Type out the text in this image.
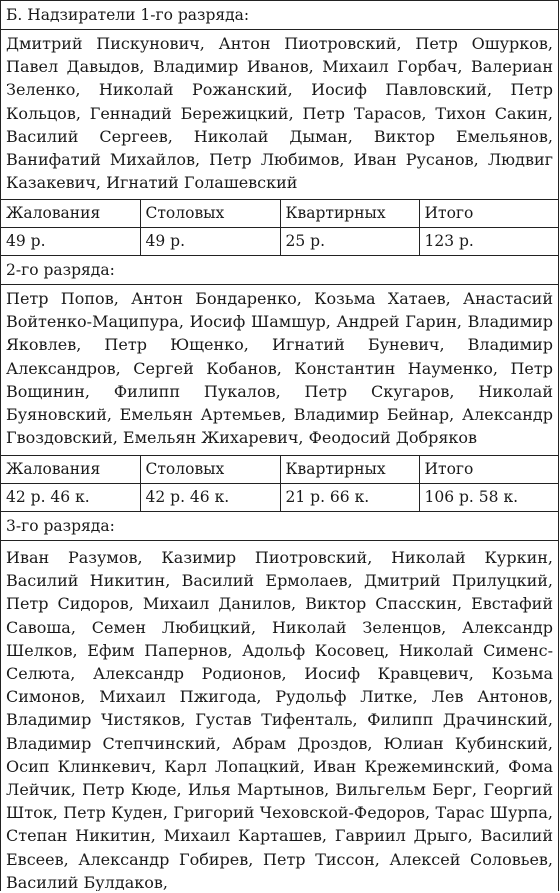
Б. Надзиратели 1-го разряда:
Дмитрий Пискунович, Антон Пиотровский, Петр Ошурков, Павел Давыдов, Владимир Иванов, Михаил Горбач, Валериан Зеленко, Николай Рожанский, Иосиф Павловский, Петр Кольцов, Геннадий Бережицкий, Петр Тарасов, Тихон Сакин, Василий Сергеев, Николай Дыман, Виктор Емельянов, Ванифатий Михайлов, Петр Любимов, Иван Русанов, Людвиг Казакевич, Игнатий Голашевский
Жалования	Столовых	Квартирных	Итого
49 р.	49 р.	25 р.	123 р.
2-го разряда:
Петр Попов, Антон Бондаренко, Козьма Хатаев, Анастасий Войтенко-Маципура, Иосиф Шамшур, Андрей Гарин, Владимир Яковлев, Петр Ющенко, Игнатий Буневич, Владимир Александров, Сергей Кобанов, Константин Науменко, Петр Вощинин, Филипп Пукалов, Петр Скугаров, Николай Буяновский, Емельян Артемьев, Владимир Бейнар, Александр Гвоздовский, Емельян Жихаревич, Феодосий Добряков
Жалования	Столовых	Квартирных	Итого
42 р. 46 к.	42 р. 46 к.	21 р. 66 к.	106 р. 58 к.
3-го разряда:
Иван Разумов, Казимир Пиотровский, Николай Куркин, Василий Никитин, Василий Ермолаев, Дмитрий Прилуцкий, Петр Сидоров, Михаил Данилов, Виктор Спасскин, Евстафий Савоша, Семен Любицкий, Николай Зеленцов, Александр Шелков, Ефим Папернов, Адольф Косовец, Николай Сименс-Селюта, Александр Родионов, Иосиф Кравцевич, Козьма Симонов, Михаил Пжигода, Рудольф Литке, Лев Антонов, Владимир Чистяков, Густав Тифенталь, Филипп Драчинский, Владимир Степчинский, Абрам Дроздов, Юлиан Кубинский, Осип Клинкевич, Карл Лопацкий, Иван Крежеминский, Фома Лейчик, Петр Кюде, Илья Мартынов, Вильгельм Берг, Георгий Шток, Петр Куден, Григорий Чеховской-Федоров, Тарас Шурпа, Степан Никитин, Михаил Карташев, Гавриил Дрыго, Василий Евсеев, Александр Гобирев, Петр Тиссон, Алексей Соловьев, Василий Булдаков,
